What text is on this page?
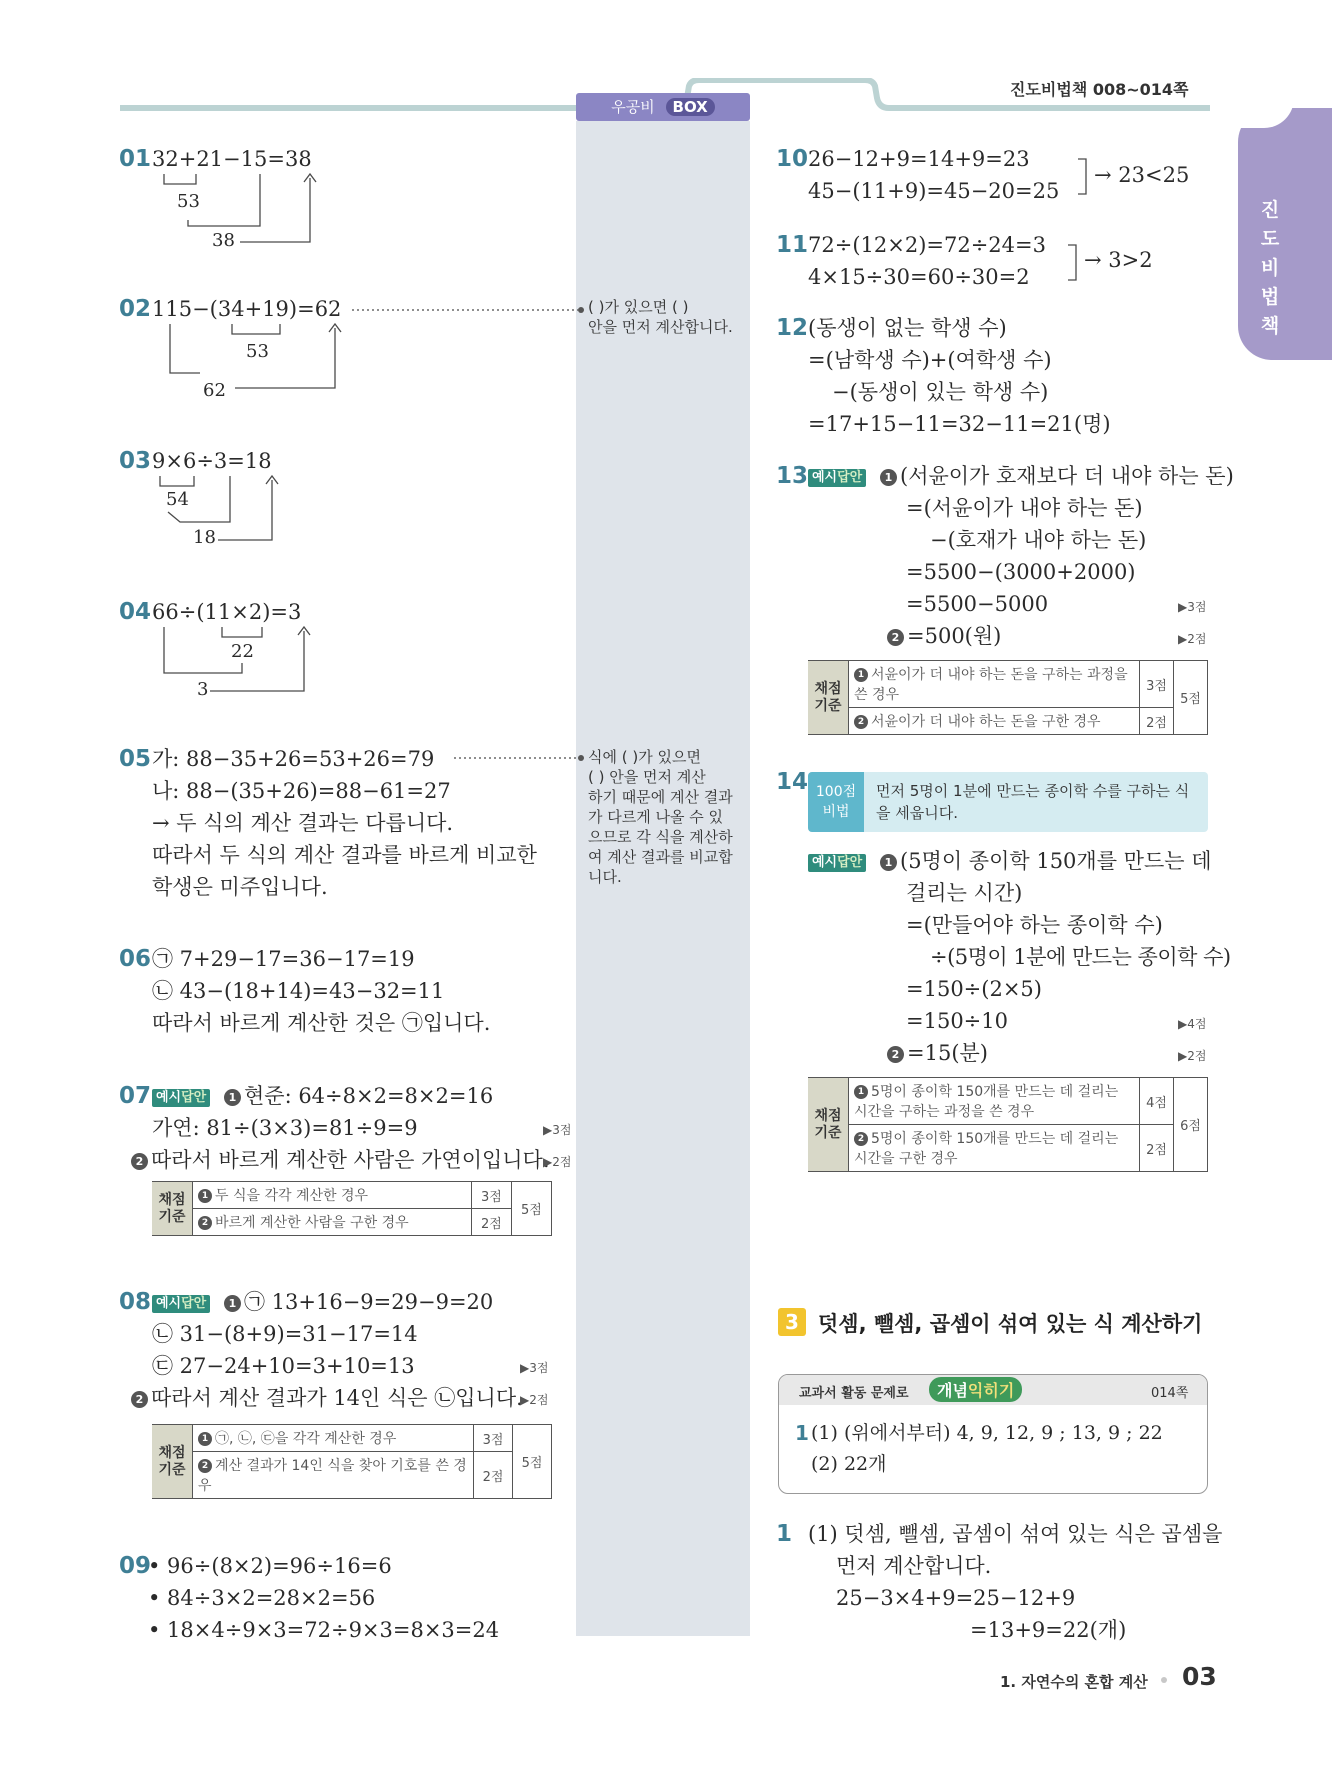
우공비 BOX
진도비법책 008~014쪽
진
도
비
법
책
01 32+21−15=38
53
38
02 115−(34+19)=62
53
62
03 9×6÷3=18
54
18
04 66÷(11×2)=3
22
3
05 가: 88−35+26=53+26=79
나: 88−(35+26)=88−61=27
→ 두 식의 계산 결과는 다릅니다.
따라서 두 식의 계산 결과를 바르게 비교한
학생은 미주입니다.
06 ㉠ 7+29−17=36−17=19
㉡ 43−(18+14)=43−32=11
따라서 바르게 계산한 것은 ㉠입니다.
07 예시답안	1 현준: 64÷8×2=8×2=16
가연: 81÷(3×3)=81÷9=9	▶3점
2 따라서 바르게 계산한 사람은 가연이입니다.
▶2점
채점 기준	1 두 식을 각각 계산한 경우	3점	5점
	2 바르게 계산한 사람을 구한 경우	2점	
08 예시답안	1 ㉠ 13+16−9=29−9=20
㉡ 31−(8+9)=31−17=14
㉢ 27−24+10=3+10=13	▶3점
2 따라서 계산 결과가 14인 식은 ㉡입니다.
▶2점
채점 기준	1 ㉠, ㉡, ㉢을 각각 계산한 경우	3점	5점
	2 계산 결과가 14인 식을 찾아 기호를 쓴 경우	2점	
09
• 96÷(8×2)=96÷16=6
• 84÷3×2=28×2=56
• 18×4÷9×3=72÷9×3=8×3=24
( )가 있으면 ( )
안을 먼저 계산합니다.
식에 ( )가 있으면
( ) 안을 먼저 계산
하기 때문에 계산 결과
가 다르게 나올 수 있
으므로 각 식을 계산하
여 계산 결과를 비교합
니다.
10 26−12+9=14+9=23
45−(11+9)=45−20=25
→ 23<25
11 72÷(12×2)=72÷24=3
4×15÷30=60÷30=2
→ 3>2
12 (동생이 없는 학생 수)
=(남학생 수)+(여학생 수)
−(동생이 있는 학생 수)
=17+15−11=32−11=21(명)
13 예시답안	1 (서윤이가 호재보다 더 내야 하는 돈)
=(서윤이가 내야 하는 돈)
−(호재가 내야 하는 돈)
=5500−(3000+2000)
=5500−5000	▶3점
2 =500(원)	▶2점
채점 기준	1 서윤이가 더 내야 하는 돈을 구하는 과정을 쓴 경우	3점	5점
	2 서윤이가 더 내야 하는 돈을 구한 경우	2점	
14 100점 비법
먼저 5명이 1분에 만드는 종이학 수를 구하는 식을 세웁니다.
예시답안	1 (5명이 종이학 150개를 만드는 데
걸리는 시간)
=(만들어야 하는 종이학 수)
÷(5명이 1분에 만드는 종이학 수)
=150÷(2×5)
=150÷10	▶4점
2 =15(분)	▶2점
채점 기준	1 5명이 종이학 150개를 만드는 데 걸리는 시간을 구하는 과정을 쓴 경우	4점	6점
	2 5명이 종이학 150개를 만드는 데 걸리는 시간을 구한 경우	2점	
3 덧셈, 뺄셈, 곱셈이 섞여 있는 식 계산하기
교과서 활동 문제로	개념익히기	014쪽
1 (1) (위에서부터) 4, 9, 12, 9 ; 13, 9 ; 22
(2) 22개
1 (1) 덧셈, 뺄셈, 곱셈이 섞여 있는 식은 곱셈을
먼저 계산합니다.
25−3×4+9=25−12+9
=13+9=22(개)
1. 자연수의 혼합 계산 03
